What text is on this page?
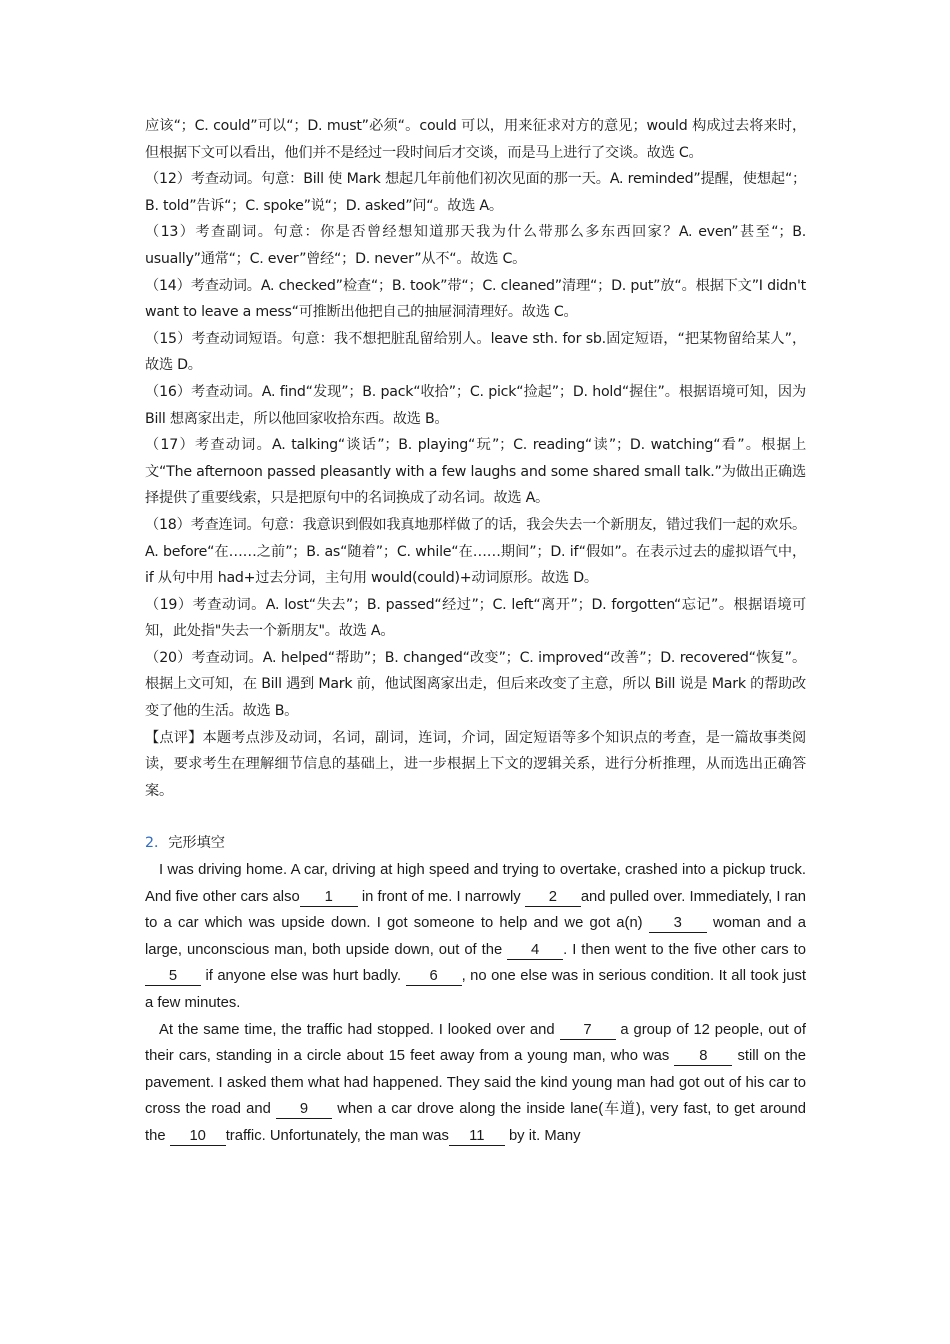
应该“；C. could”可以“；D. must”必须“。could 可以，用来征求对方的意见；would 构成过去将来时，但根据下文可以看出，他们并不是经过一段时间后才交谈，而是马上进行了交谈。故选 C。

（12）考查动词。句意：Bill 使 Mark 想起几年前他们初次见面的那一天。A. reminded”提醒，使想起“；B. told”告诉“；C. spoke”说“；D. asked”问“。故选 A。

（13）考查副词。句意：你是否曾经想知道那天我为什么带那么多东西回家？A. even”甚至“；B. usually”通常“；C. ever”曾经“；D. never”从不“。故选 C。

（14）考查动词。A. checked”检查“；B. took”带“；C. cleaned”清理“；D. put”放“。根据下文”I didn't want to leave a mess“可推断出他把自己的抽屉洞清理好。故选 C。

（15）考查动词短语。句意：我不想把脏乱留给别人。leave sth. for sb.固定短语，“把某物留给某人”，故选 D。

（16）考查动词。A. find“发现”；B. pack“收拾”；C. pick“捡起”；D. hold“握住”。根据语境可知，因为 Bill 想离家出走，所以他回家收拾东西。故选 B。

（17）考查动词。A. talking“谈话”；B. playing“玩”；C. reading“读”；D. watching“看”。根据上文“The afternoon passed pleasantly with a few laughs and some shared small talk.”为做出正确选择提供了重要线索，只是把原句中的名词换成了动名词。故选 A。

（18）考查连词。句意：我意识到假如我真地那样做了的话，我会失去一个新朋友，错过我们一起的欢乐。A. before“在……之前”；B. as“随着”；C. while“在……期间”；D. if“假如”。在表示过去的虚拟语气中，if 从句中用 had+过去分词，主句用 would(could)+动词原形。故选 D。

（19）考查动词。A. lost“失去”；B. passed“经过”；C. left“离开”；D. forgotten“忘记”。根据语境可知，此处指"失去一个新朋友"。故选 A。

（20）考查动词。A. helped“帮助”；B. changed“改变”；C. improved“改善”；D. recovered“恢复”。根据上文可知，在 Bill 遇到 Mark 前，他试图离家出走，但后来改变了主意，所以 Bill 说是 Mark 的帮助改变了他的生活。故选 B。

【点评】本题考点涉及动词，名词，副词，连词，介词，固定短语等多个知识点的考查，是一篇故事类阅读，要求考生在理解细节信息的基础上，进一步根据上下文的逻辑关系，进行分析推理，从而选出正确答案。

2．完形填空

I was driving home. A car, driving at high speed and trying to overtake, crashed into a pickup truck. And five other cars also 1 in front of me. I narrowly 2 and pulled over. Immediately, I ran to a car which was upside down. I got someone to help and we got a(n) 3 woman and a large, unconscious man, both upside down, out of the 4 . I then went to the five other cars to5 if anyone else was hurt badly. 6 , no one else was in serious condition. It all took just a few minutes.

At the same time, the traffic had stopped. I looked over and 7 a group of 12 people, out of their cars, standing in a circle about 15 feet away from a young man, who was 8 still on the pavement. I asked them what had happened. They said the kind young man had got out of his car to cross the road and 9 when a car drove along the inside lane(车道), very fast, to get around the 10 traffic. Unfortunately, the man was 11 by it. Many
